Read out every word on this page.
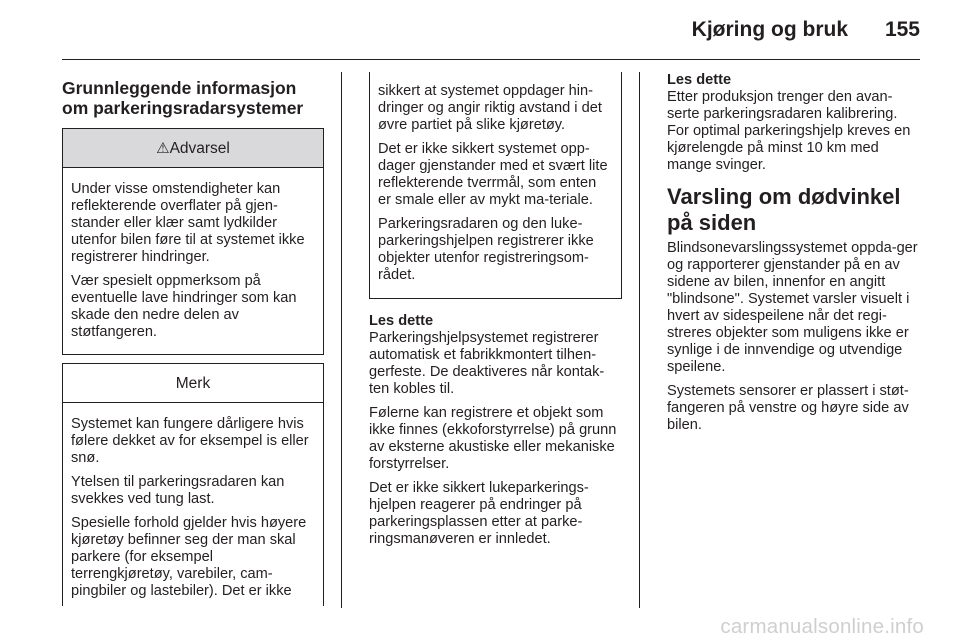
Kjøring og bruk 155
Grunnleggende informasjon om parkeringsradarsystemer
⚠Advarsel

Under visse omstendigheter kan reflekterende overflater på gjen-stander eller klær samt lydkilder utenfor bilen føre til at systemet ikke registrerer hindringer.

Vær spesielt oppmerksom på eventuelle lave hindringer som kan skade den nedre delen av støtfangeren.

Merk

Systemet kan fungere dårligere hvis følere dekket av for eksempel is eller snø.

Ytelsen til parkeringsradaren kan svekkes ved tung last.

Spesielle forhold gjelder hvis høyere kjøretøy befinner seg der man skal parkere (for eksempel terrengkjøretøy, varebiler, cam-pingbiler og lastebiler). Det er ikke

sikkert at systemet oppdager hin-dringer og angir riktig avstand i det øvre partiet på slike kjøretøy.

Det er ikke sikkert systemet opp-dager gjenstander med et svært lite reflekterende tverrmål, som enten er smale eller av mykt ma-teriale.

Parkeringsradaren og den luke-parkeringshjelpen registrerer ikke objekter utenfor registreringsom-rådet.

Les dette

Parkeringshjelpsystemet registrerer automatisk et fabrikkmontert tilhen-gerfeste. De deaktiveres når kontak-ten kobles til.

Følerne kan registrere et objekt som ikke finnes (ekkoforstyrrelse) på grunn av eksterne akustiske eller mekaniske forstyrrelser.

Det er ikke sikkert lukeparkerings-hjelpen reagerer på endringer på parkeringsplassen etter at parke-ringsmanøveren er innledet.

Les dette

Etter produksjon trenger den avan-serte parkeringsradaren kalibrering. For optimal parkeringshjelp kreves en kjørelengde på minst 10 km med mange svinger.

Varsling om dødvinkel på siden

Blindsonevarslingssystemet oppda-ger og rapporterer gjenstander på en av sidene av bilen, innenfor en angitt "blindsone". Systemet varsler visuelt i hvert av sidespeilene når det regi-streres objekter som muligens ikke er synlige i de innvendige og utvendige speilene.

Systemets sensorer er plassert i støt-fangeren på venstre og høyre side av bilen.

carmanualsonline.info
